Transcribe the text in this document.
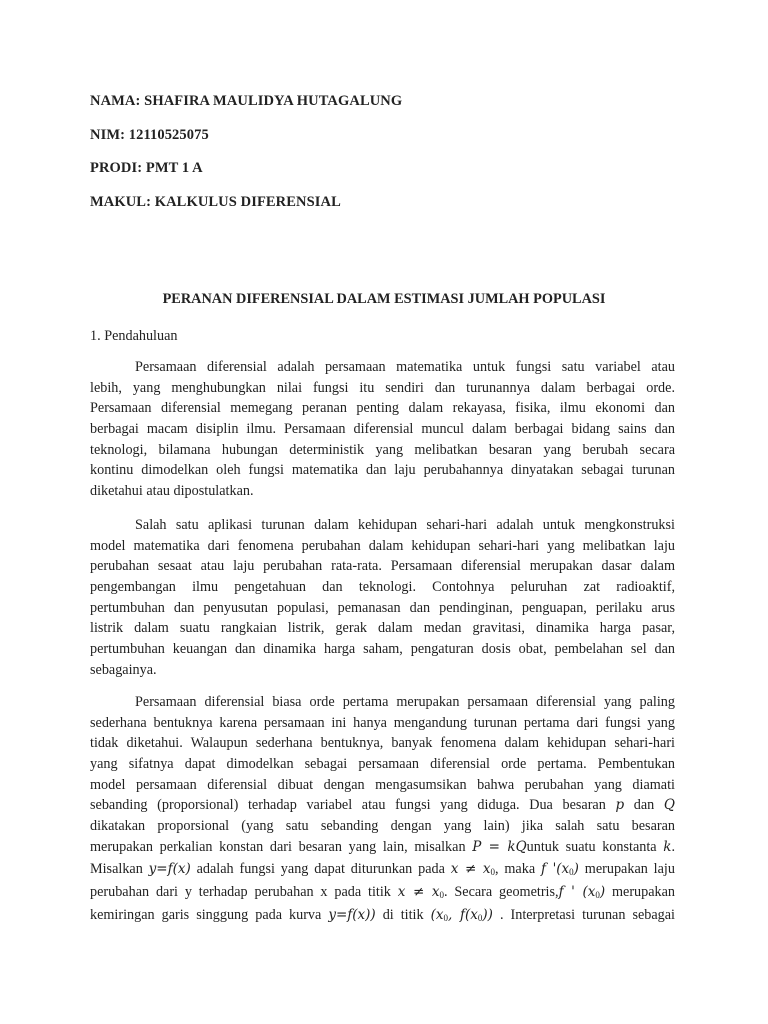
NAMA: SHAFIRA MAULIDYA HUTAGALUNG
NIM: 12110525075
PRODI: PMT 1 A
MAKUL: KALKULUS DIFERENSIAL
PERANAN DIFERENSIAL DALAM ESTIMASI JUMLAH POPULASI
1. Pendahuluan
Persamaan diferensial adalah persamaan matematika untuk fungsi satu variabel atau
lebih, yang menghubungkan nilai fungsi itu sendiri dan turunannya dalam berbagai orde.
Persamaan diferensial memegang peranan penting dalam rekayasa, fisika, ilmu ekonomi dan
berbagai macam disiplin ilmu. Persamaan diferensial muncul dalam berbagai bidang sains dan
teknologi, bilamana hubungan deterministik yang melibatkan besaran yang berubah secara
kontinu dimodelkan oleh fungsi matematika dan laju perubahannya dinyatakan sebagai turunan
diketahui atau dipostulatkan.
Salah satu aplikasi turunan dalam kehidupan sehari-hari adalah untuk mengkonstruksi
model matematika dari fenomena perubahan dalam kehidupan sehari-hari yang melibatkan laju
perubahan sesaat atau laju perubahan rata-rata. Persamaan diferensial merupakan dasar dalam
pengembangan ilmu pengetahuan dan teknologi. Contohnya peluruhan zat radioaktif,
pertumbuhan dan penyusutan populasi, pemanasan dan pendinginan, penguapan, perilaku arus
listrik dalam suatu rangkaian listrik, gerak dalam medan gravitasi, dinamika harga pasar,
pertumbuhan keuangan dan dinamika harga saham, pengaturan dosis obat, pembelahan sel dan
sebagainya.
Persamaan diferensial biasa orde pertama merupakan persamaan diferensial yang paling
sederhana bentuknya karena persamaan ini hanya mengandung turunan pertama dari fungsi yang
tidak diketahui. Walaupun sederhana bentuknya, banyak fenomena dalam kehidupan sehari-hari
yang sifatnya dapat dimodelkan sebagai persamaan diferensial orde pertama. Pembentukan
model persamaan diferensial dibuat dengan mengasumsikan bahwa perubahan yang diamati
sebanding (proporsional) terhadap variabel atau fungsi yang diduga. Dua besaran p dan Q
dikatakan proporsional (yang satu sebanding dengan yang lain) jika salah satu besaran
merupakan perkalian konstan dari besaran yang lain, misalkan P = kQuntuk suatu konstanta k.
Misalkan y=f(x) adalah fungsi yang dapat diturunkan pada $x \ne x_0$, maka f '$(x_0)$ merupakan laju
perubahan dari y terhadap perubahan x pada titik $x \ne x_0$. Secara geometris,f ' $(x_0)$ merupakan
kemiringan garis singgung pada kurva y=f(x)) di titik ($x_0$, $f(x_0)$) . Interpretasi turunan sebagai
